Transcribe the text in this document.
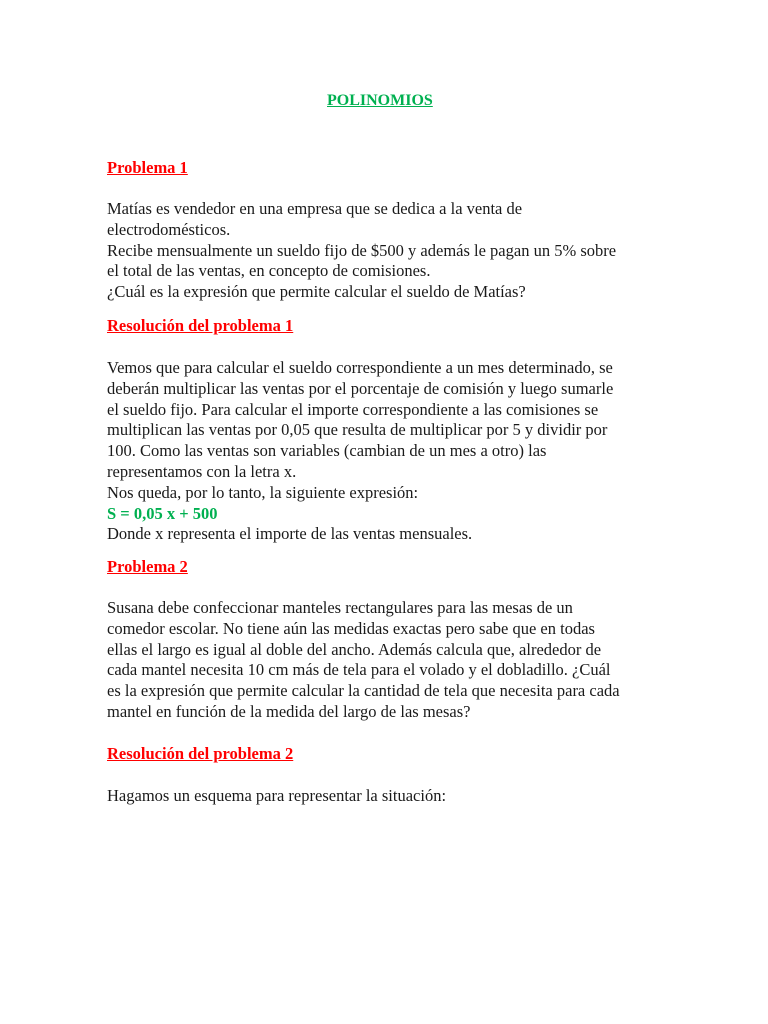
POLINOMIOS
Problema 1
Matías es vendedor en una empresa que se dedica a la venta de
electrodomésticos.
Recibe mensualmente un sueldo fijo de $500 y además le pagan un 5% sobre
el total de las ventas, en concepto de comisiones.
¿Cuál es la expresión que permite calcular el sueldo de Matías?
Resolución del problema 1
Vemos que para calcular el sueldo correspondiente a un mes determinado, se
deberán multiplicar las ventas por el porcentaje de comisión y luego sumarle
el sueldo fijo. Para calcular el importe correspondiente a las comisiones se
multiplican las ventas por 0,05 que resulta de multiplicar por 5 y dividir por
100. Como las ventas son variables (cambian de un mes a otro) las
representamos con la letra x.
Nos queda, por lo tanto, la siguiente expresión:
S = 0,05 x + 500
Donde x representa el importe de las ventas mensuales.
Problema 2
Susana debe confeccionar manteles rectangulares para las mesas de un
comedor escolar. No tiene aún las medidas exactas pero sabe que en todas
ellas el largo es igual al doble del ancho. Además calcula que, alrededor de
cada mantel necesita 10 cm más de tela para el volado y el dobladillo. ¿Cuál
es la expresión que permite calcular la cantidad de tela que necesita para cada
mantel en función de la medida del largo de las mesas?
Resolución del problema 2
Hagamos un esquema para representar la situación:
